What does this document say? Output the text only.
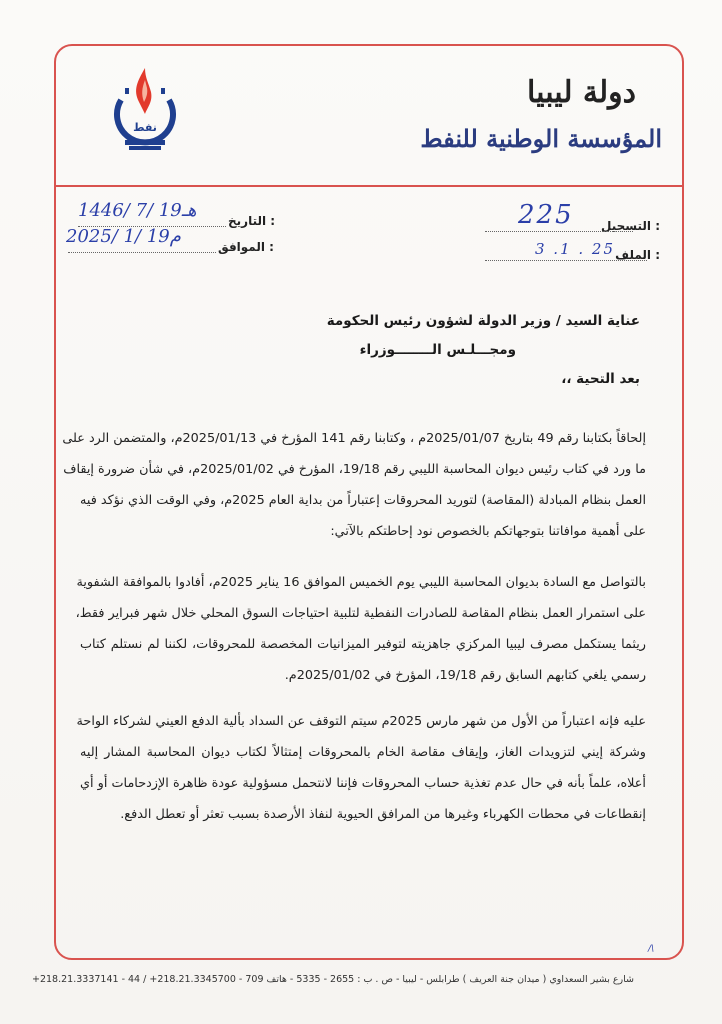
نفط
دولة ليبيا
المؤسسة الوطنية للنفط
التسجيل :
225
الملف :
3 .1 . 25
التاريخ :
1446/ 7/ 19هـ
الموافق :
2025/ 1/ 19م
عناية السيد / وزير الدولة لشؤون رئيس الحكومة
ومجـــلـس الــــــــوزراء
بعد التحية ،،
إلحاقاً بكتابنا رقم 49 بتاريخ 2025/01/07م ، وكتابنا رقم 141 المؤرخ في 2025/01/13م، والمتضمن الرد على
ما ورد في كتاب رئيس ديوان المحاسبة الليبي رقم 19/18، المؤرخ في 2025/01/02م، في شأن ضرورة إيقاف
العمل بنظام المبادلة (المقاصة) لتوريد المحروقات إعتباراً من بداية العام 2025م، وفي الوقت الذي نؤكد فيه
على أهمية موافاتنا بتوجهاتكم بالخصوص نود إحاطتكم بالآتي:
بالتواصل مع السادة بديوان المحاسبة الليبي يوم الخميس الموافق 16 يناير 2025م، أفادوا بالموافقة الشفوية
على استمرار العمل بنظام المقاصة للصادرات النفطية لتلبية احتياجات السوق المحلي خلال شهر فبراير فقط،
ريثما يستكمل مصرف ليبيا المركزي جاهزيته لتوفير الميزانيات المخصصة للمحروقات، لكننا لم نستلم كتاب
رسمي يلغي كتابهم السابق رقم 19/18، المؤرخ في 2025/01/02م.
عليه فإنه اعتباراً من الأول من شهر مارس 2025م سيتم التوقف عن السداد بألية الدفع العيني لشركاء الواحة
وشركة إيني لتزويدات الغاز، وإيقاف مقاصة الخام بالمحروقات إمتثالاً لكتاب ديوان المحاسبة المشار إليه
أعلاه، علماً بأنه في حال عدم تغذية حساب المحروقات فإننا لانتحمل مسؤولية عودة ظاهرة الإزدحامات أو أي
إنقطاعات في محطات الكهرباء وغيرها من المرافق الحيوية لنفاذ الأرصدة بسبب تعثر أو تعطل الدفع.
/\
شارع بشير السعداوي ( ميدان جنة العريف ) طرابلس - ليبيا - ص . ب : 2655 - 5335 - هاتف 709 - 218.21.3345700+ / 44 - 218.21.3337141+
